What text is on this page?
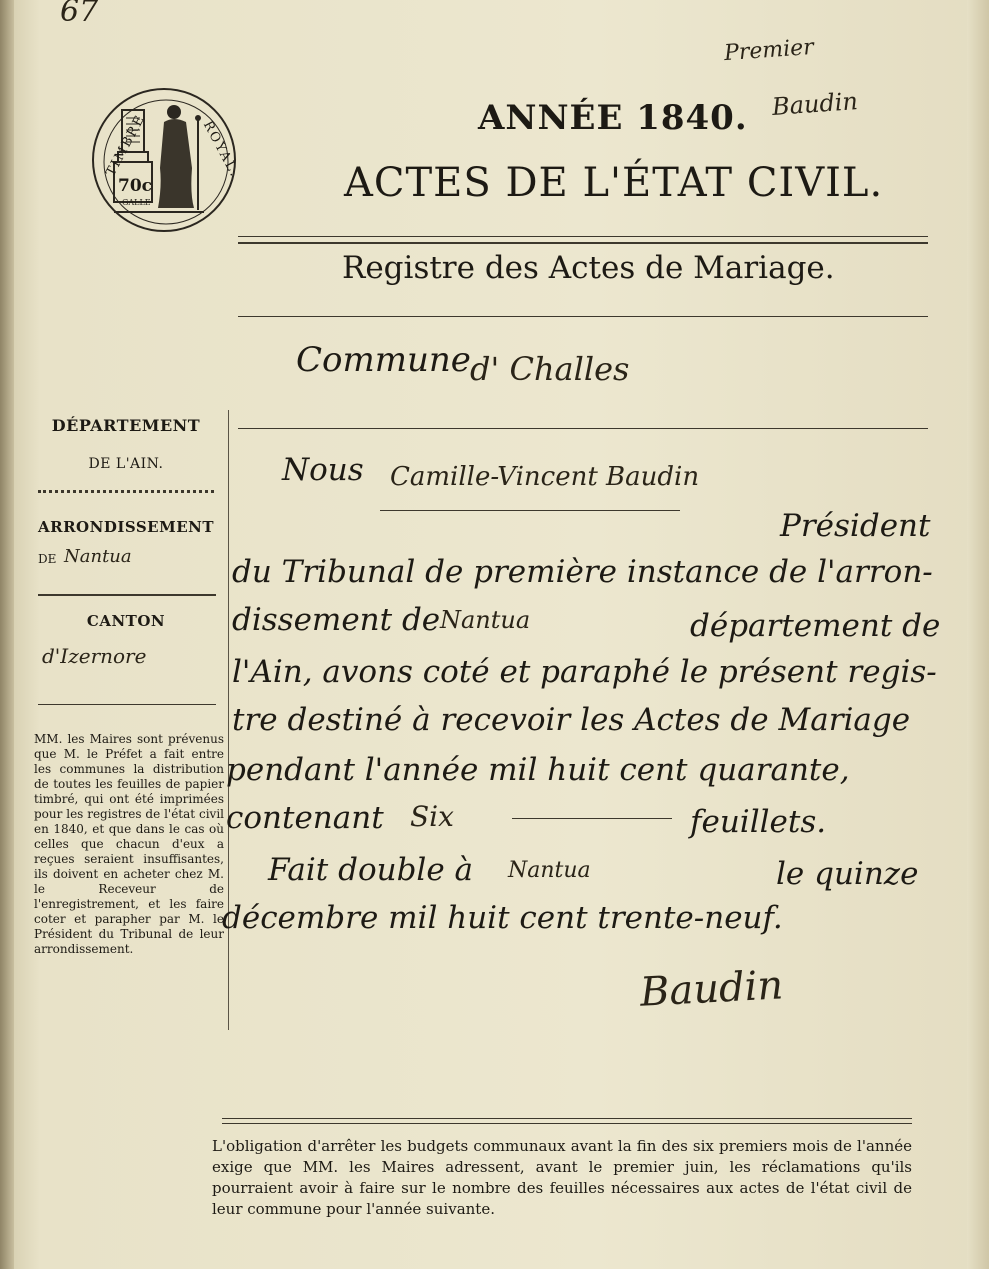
67
Premier
Baudin
TIMBRE	ROYAL.
70c
GALLE
ANNÉE 1840.
ACTES DE L'ÉTAT CIVIL.
Registre des Actes de Mariage.
Commune d' Challes
DÉPARTEMENT
DE L'AIN.
ARRONDISSEMENT
DE Nantua
CANTON
d'Izernore
MM. les Maires sont prévenus que M. le Préfet a fait entre les communes la distribution de toutes les feuilles de papier timbré, qui ont été imprimées pour les registres de l'état civil en 1840, et que dans le cas où celles que chacun d'eux a reçues seraient insuffisantes, ils doivent en acheter chez M. le Receveur de l'enregistrement, et les faire coter et parapher par M. le Président du Tribunal de leur arrondissement.
Nous Camille-Vincent Baudin
Président
du Tribunal de première instance de l'arron-
dissement de Nantua	département de
l'Ain, avons coté et paraphé le présent regis-
tre destiné à recevoir les Actes de Mariage
pendant l'année mil huit cent quarante,
contenant Six	feuillets.
Fait double à Nantua	le quinze
décembre mil huit cent trente-neuf.
Baudin
L'obligation d'arrêter les budgets communaux avant la fin des six premiers mois de l'année exige que MM. les Maires adressent, avant le premier juin, les réclamations qu'ils pourraient avoir à faire sur le nombre des feuilles nécessaires aux actes de l'état civil de leur commune pour l'année suivante.
